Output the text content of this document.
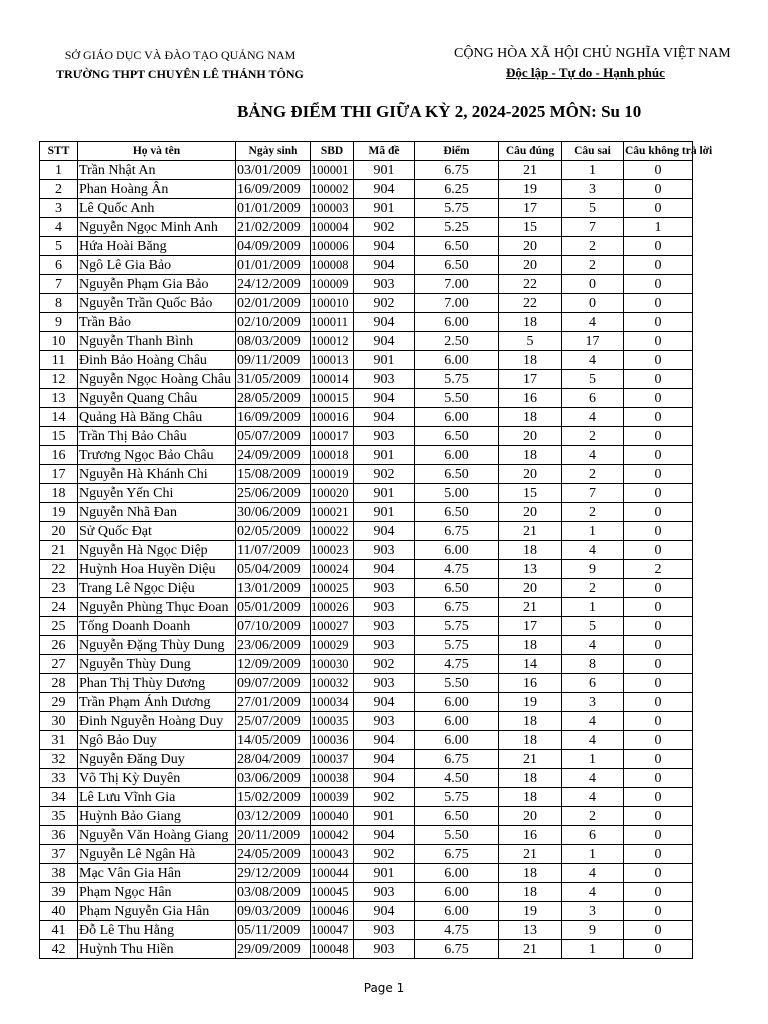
SỞ GIÁO DỤC VÀ ĐÀO TẠO QUẢNG NAM
TRƯỜNG THPT CHUYÊN LÊ THÁNH TÔNG
CỘNG HÒA XÃ HỘI CHỦ NGHĨA VIỆT NAM
Độc lập - Tự do - Hạnh phúc
BẢNG ĐIỂM THI GIỮA KỲ 2, 2024-2025 MÔN: Su 10
STT	Họ và tên	Ngày sinh	SBD	Mã đề	Điểm	Câu đúng	Câu sai	Câu không trả lời
1	Trần Nhật An	03/01/2009	100001	901	6.75	21	1	0
2	Phan Hoàng Ân	16/09/2009	100002	904	6.25	19	3	0
3	Lê Quốc Anh	01/01/2009	100003	901	5.75	17	5	0
4	Nguyễn Ngọc Minh Anh	21/02/2009	100004	902	5.25	15	7	1
5	Hứa Hoài Băng	04/09/2009	100006	904	6.50	20	2	0
6	Ngô Lê Gia Bảo	01/01/2009	100008	904	6.50	20	2	0
7	Nguyễn Phạm Gia Bảo	24/12/2009	100009	903	7.00	22	0	0
8	Nguyễn Trần Quốc Bảo	02/01/2009	100010	902	7.00	22	0	0
9	Trần Bảo	02/10/2009	100011	904	6.00	18	4	0
10	Nguyễn Thanh Bình	08/03/2009	100012	904	2.50	5	17	0
11	Đinh Bảo Hoàng Châu	09/11/2009	100013	901	6.00	18	4	0
12	Nguyễn Ngọc Hoàng Châu	31/05/2009	100014	903	5.75	17	5	0
13	Nguyễn Quang Châu	28/05/2009	100015	904	5.50	16	6	0
14	Quảng Hà Băng Châu	16/09/2009	100016	904	6.00	18	4	0
15	Trần Thị Bảo Châu	05/07/2009	100017	903	6.50	20	2	0
16	Trương Ngọc Bảo Châu	24/09/2009	100018	901	6.00	18	4	0
17	Nguyễn Hà Khánh Chi	15/08/2009	100019	902	6.50	20	2	0
18	Nguyễn Yến Chi	25/06/2009	100020	901	5.00	15	7	0
19	Nguyễn Nhã Đan	30/06/2009	100021	901	6.50	20	2	0
20	Sử Quốc Đạt	02/05/2009	100022	904	6.75	21	1	0
21	Nguyễn Hà Ngọc Diệp	11/07/2009	100023	903	6.00	18	4	0
22	Huỳnh Hoa Huyền Diệu	05/04/2009	100024	904	4.75	13	9	2
23	Trang Lê Ngọc Diệu	13/01/2009	100025	903	6.50	20	2	0
24	Nguyễn Phùng Thục Đoan	05/01/2009	100026	903	6.75	21	1	0
25	Tống Doanh Doanh	07/10/2009	100027	903	5.75	17	5	0
26	Nguyễn Đặng Thùy Dung	23/06/2009	100029	903	5.75	18	4	0
27	Nguyễn Thùy Dung	12/09/2009	100030	902	4.75	14	8	0
28	Phan Thị Thùy Dương	09/07/2009	100032	903	5.50	16	6	0
29	Trần Phạm Ánh Dương	27/01/2009	100034	904	6.00	19	3	0
30	Đinh Nguyễn Hoàng Duy	25/07/2009	100035	903	6.00	18	4	0
31	Ngô Bảo Duy	14/05/2009	100036	904	6.00	18	4	0
32	Nguyễn Đăng Duy	28/04/2009	100037	904	6.75	21	1	0
33	Võ Thị Kỳ Duyên	03/06/2009	100038	904	4.50	18	4	0
34	Lê Lưu Vĩnh Gia	15/02/2009	100039	902	5.75	18	4	0
35	Huỳnh Bảo Giang	03/12/2009	100040	901	6.50	20	2	0
36	Nguyễn Văn Hoàng Giang	20/11/2009	100042	904	5.50	16	6	0
37	Nguyễn Lê Ngân Hà	24/05/2009	100043	902	6.75	21	1	0
38	Mạc Vân Gia Hân	29/12/2009	100044	901	6.00	18	4	0
39	Phạm Ngọc Hân	03/08/2009	100045	903	6.00	18	4	0
40	Phạm Nguyễn Gia Hân	09/03/2009	100046	904	6.00	19	3	0
41	Đỗ Lê Thu Hằng	05/11/2009	100047	903	4.75	13	9	0
42	Huỳnh Thu Hiền	29/09/2009	100048	903	6.75	21	1	0
Page 1
